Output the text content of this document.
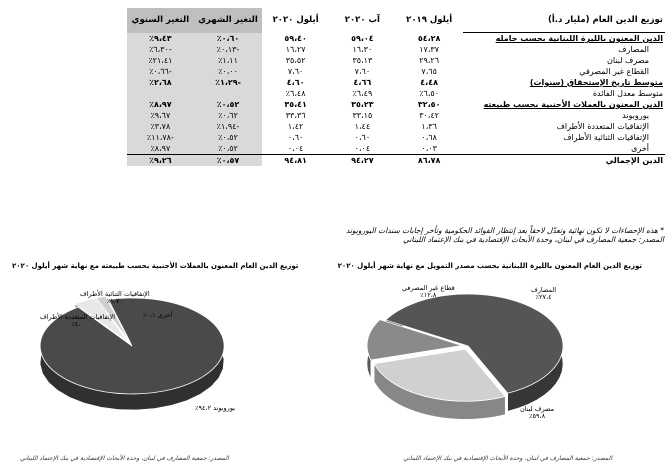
توزيع الدين العام (مليار د.أ)	أيلول ٢٠١٩	آب ٢٠٢٠	أيلول ٢٠٢٠	التغير الشهري	التغير السنوي
الدين المعنون بالليرة اللبنانية بحسب حامله	٥٤،٢٨	٥٩،٠٤	٥٩،٤٠	٠،٦٠٪	٩،٤٣٪
المصارف	١٧،٣٧	١٦،٣٠	١٦،٢٧	-٠،١٣٪	-٦،٣٠٪
مصرف لبنان	٢٩،٢٦	٣٥،١٣	٣٥،٥٢	١،١١٪	٢١،٤١٪
القطاع غير المصرفي	٧،٦٥	٧،٦٠	٧،٦٠	٠،٠٠٪	-٠،٦٦٪
متوسط تاريخ الإستحقاق (سنوات)	٤،٤٨	٤،٦٦	٤،٦٠	-١،٢٩٪	٢،٦٨٪
متوسط معدل الفائدة	٦،٥٠٪	٦،٤٩٪	٦،٤٨٪		
الدين المعنون بالعملات الأجنبية بحسب طبيعته	٣٢،٥٠	٣٥،٢٣	٣٥،٤١	٠،٥٢٪	٨،٩٧٪
يوروبوند	٣٠،٤٢	٣٣،١٥	٣٣،٣٦	٠،٦٢٪	٩،٦٧٪
الإتفاقيات المتعددة الأطراف	١،٣٦	١،٤٤	١،٤٢	-١،٩٤٪	٣،٧٨٪
الإتفاقيات الثنائية الأطراف	٠،٦٨	٠،٦٠	٠،٦٠	٠،٥٢٪	-١١،٧٨٪
أخرى	٠،٠٣	٠،٠٤	٠،٠٤	٠،٥٢٪	٨،٩٧٪
الدين الإجمالي	٨٦،٧٨	٩٤،٢٧	٩٤،٨١	٠،٥٧٪	٩،٢٦٪
* هذه الإحصاءات لا تكون نهائية وتعدّل لاحقاً بعد إنتظار الفوائد الحكومية وتأخر إجابات سندات اليوروبوند
المصدر: جمعية المصارف في لبنان، وحدة الأبحاث الإقتصادية في بنك الإعتماد اللبناني
توزيع الدين العام المعنون بالليرة اللبنانية بحسب مصدر التمويل مع نهاية شهر أيلول ٢٠٢٠
توزيع الدين العام المعنون بالعملات الأجنبية بحسب طبيعته مع نهاية شهر أيلول ٢٠٢٠
المصارف
٢٧،٤٪
قطاع غير المصرفي
١٢،٨٪
مصرف لبنان
٥٩،٨٪
الإتفاقيات الثنائية الأطراف
١،٧٠٪
الإتفاقيات المتعددة الأطراف
٤،٠٪
أخرى ٠،١٪
يوروبوند ٩٤،٢٪
المصدر: جمعية المصارف في لبنان، وحدة الأبحاث الإقتصادية في بنك الإعتماد اللبناني
المصدر: جمعية المصارف في لبنان، وحدة الأبحاث الإقتصادية في بنك الإعتماد اللبناني
